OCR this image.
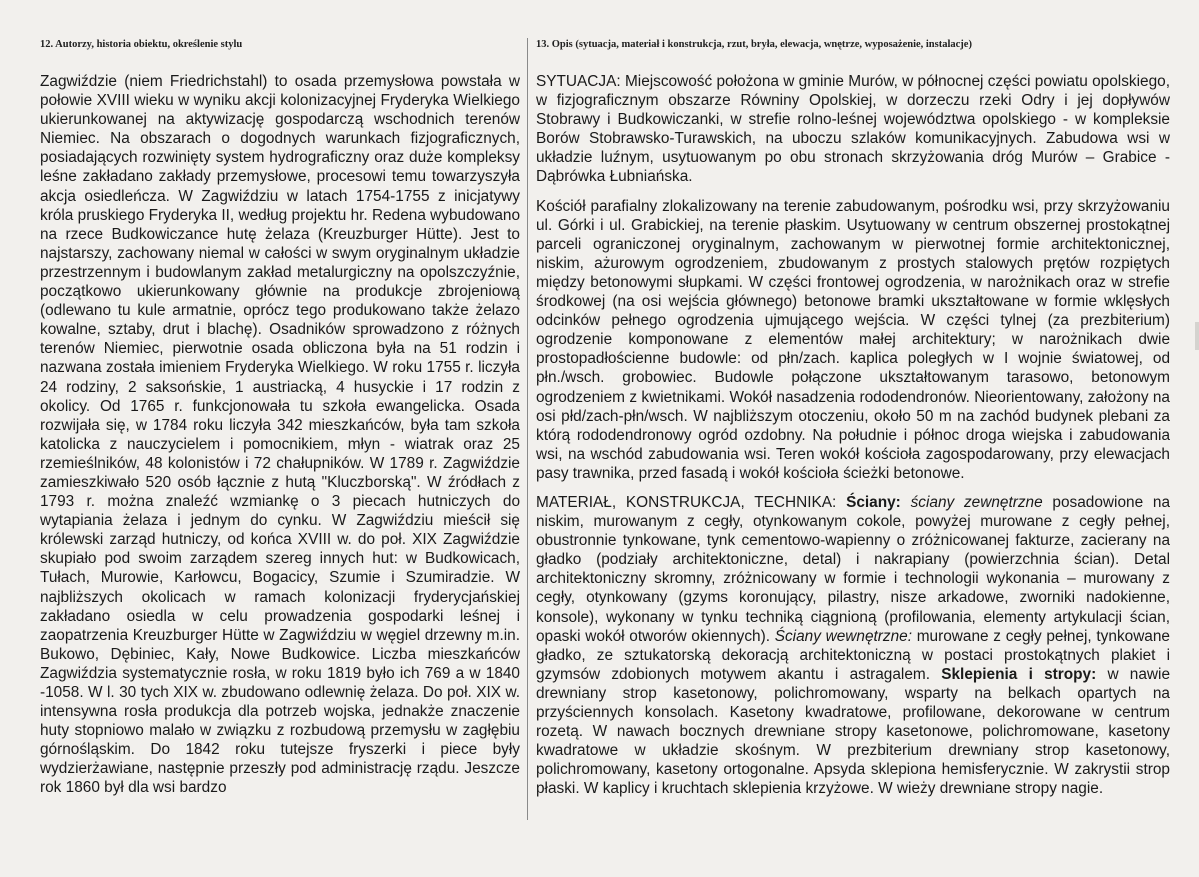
12. Autorzy, historia obiektu, określenie stylu

Zagwiździe (niem Friedrichstahl) to osada przemysłowa powstała w połowie XVIII wieku w wyniku akcji kolonizacyjnej Fryderyka Wielkiego ukierunkowanej na aktywizację gospodarczą wschodnich terenów Niemiec. Na obszarach o dogodnych warunkach fizjograficznych, posiadających rozwinięty system hydrograficzny oraz duże kompleksy leśne zakładano zakłady przemysłowe, procesowi temu towarzyszyła akcja osiedleńcza. W Zagwiździu w latach 1754-1755 z inicjatywy króla pruskiego Fryderyka II, według projektu hr. Redena wybudowano na rzece Budkowiczance hutę żelaza (Kreuzburger Hütte). Jest to najstarszy, zachowany niemal w całości w swym oryginalnym układzie przestrzennym i budowlanym zakład metalurgiczny na opolszczyźnie, początkowo ukierunkowany głównie na produkcje zbrojeniową (odlewano tu kule armatnie, oprócz tego produkowano także żelazo kowalne, sztaby, drut i blachę). Osadników sprowadzono z różnych terenów Niemiec, pierwotnie osada obliczona była na 51 rodzin i nazwana została imieniem Fryderyka Wielkiego. W roku 1755 r. liczyła 24 rodziny, 2 saksońskie, 1 austriacką, 4 husyckie i 17 rodzin z okolicy. Od 1765 r. funkcjonowała tu szkoła ewangelicka. Osada rozwijała się, w 1784 roku liczyła 342 mieszkańców, była tam szkoła katolicka z nauczycielem i pomocnikiem, młyn - wiatrak oraz 25 rzemieślników, 48 kolonistów i 72 chałupników. W 1789 r. Zagwiździe zamieszkiwało 520 osób łącznie z hutą "Kluczborską". W źródłach z 1793 r. można znaleźć wzmiankę o 3 piecach hutniczych do wytapiania żelaza i jednym do cynku. W Zagwiździu mieścił się królewski zarząd hutniczy, od końca XVIII w. do poł. XIX Zagwiździe skupiało pod swoim zarządem szereg innych hut: w Budkowicach, Tułach, Murowie, Karłowcu, Bogacicy, Szumie i Szumiradzie. W najbliższych okolicach w ramach kolonizacji fryderycjańskiej zakładano osiedla w celu prowadzenia gospodarki leśnej i zaopatrzenia Kreuzburger Hütte w Zagwiździu w węgiel drzewny m.in. Bukowo, Dębiniec, Kały, Nowe Budkowice. Liczba mieszkańców Zagwiździa systematycznie rosła, w roku 1819 było ich 769 a w 1840 -1058. W l. 30 tych XIX w. zbudowano odlewnię żelaza. Do poł. XIX w. intensywna rosła produkcja dla potrzeb wojska, jednakże znaczenie huty stopniowo malało w związku z rozbudową przemysłu w zagłębiu górnośląskim. Do 1842 roku tutejsze fryszerki i piece były wydzierżawiane, następnie przeszły pod administrację rządu. Jeszcze rok 1860 był dla wsi bardzo

13. Opis (sytuacja, materiał i konstrukcja, rzut, bryła, elewacja, wnętrze, wyposażenie, instalacje)

SYTUACJA: Miejscowość położona w gminie Murów, w północnej części powiatu opolskiego, w fizjograficznym obszarze Równiny Opolskiej, w dorzeczu rzeki Odry i jej dopływów Stobrawy i Budkowiczanki, w strefie rolno-leśnej województwa opolskiego - w kompleksie Borów Stobrawsko-Turawskich, na uboczu szlaków komunikacyjnych. Zabudowa wsi w układzie luźnym, usytuowanym po obu stronach skrzyżowania dróg Murów – Grabice - Dąbrówka Łubniańska.

Kościół parafialny zlokalizowany na terenie zabudowanym, pośrodku wsi, przy skrzyżowaniu ul. Górki i ul. Grabickiej, na terenie płaskim. Usytuowany w centrum obszernej prostokątnej parceli ograniczonej oryginalnym, zachowanym w pierwotnej formie architektonicznej, niskim, ażurowym ogrodzeniem, zbudowanym z prostych stalowych prętów rozpiętych między betonowymi słupkami. W części frontowej ogrodzenia, w narożnikach oraz w strefie środkowej (na osi wejścia głównego) betonowe bramki ukształtowane w formie wklęsłych odcinków pełnego ogrodzenia ujmującego wejścia. W części tylnej (za prezbiterium) ogrodzenie komponowane z elementów małej architektury; w narożnikach dwie prostopadłościenne budowle: od płn/zach. kaplica poległych w I wojnie światowej, od płn./wsch. grobowiec. Budowle połączone ukształtowanym tarasowo, betonowym ogrodzeniem z kwietnikami. Wokół nasadzenia rododendronów. Nieorientowany, założony na osi płd/zach-płn/wsch. W najbliższym otoczeniu, około 50 m na zachód budynek plebani za którą rododendronowy ogród ozdobny. Na południe i północ droga wiejska i zabudowania wsi, na wschód zabudowania wsi. Teren wokół kościoła zagospodarowany, przy elewacjach pasy trawnika, przed fasadą i wokół kościoła ścieżki betonowe.

MATERIAŁ, KONSTRUKCJA, TECHNIKA: Ściany: ściany zewnętrzne posadowione na niskim, murowanym z cegły, otynkowanym cokole, powyżej murowane z cegły pełnej, obustronnie tynkowane, tynk cementowo-wapienny o zróżnicowanej fakturze, zacierany na gładko (podziały architektoniczne, detal) i nakrapiany (powierzchnia ścian). Detal architektoniczny skromny, zróżnicowany w formie i technologii wykonania – murowany z cegły, otynkowany (gzyms koronujący, pilastry, nisze arkadowe, zworniki nadokienne, konsole), wykonany w tynku techniką ciągnioną (profilowania, elementy artykulacji ścian, opaski wokół otworów okiennych). Ściany wewnętrzne: murowane z cegły pełnej, tynkowane gładko, ze sztukatorską dekoracją architektoniczną w postaci prostokątnych plakiet i gzymsów zdobionych motywem akantu i astragalem. Sklepienia i stropy: w nawie drewniany strop kasetonowy, polichromowany, wsparty na belkach opartych na przyściennych konsolach. Kasetony kwadratowe, profilowane, dekorowane w centrum rozetą. W nawach bocznych drewniane stropy kasetonowe, polichromowane, kasetony kwadratowe w układzie skośnym. W prezbiterium drewniany strop kasetonowy, polichromowany, kasetony ortogonalne. Apsyda sklepiona hemisferycznie. W zakrystii strop płaski. W kaplicy i kruchtach sklepienia krzyżowe. W wieży drewniane stropy nagie.
